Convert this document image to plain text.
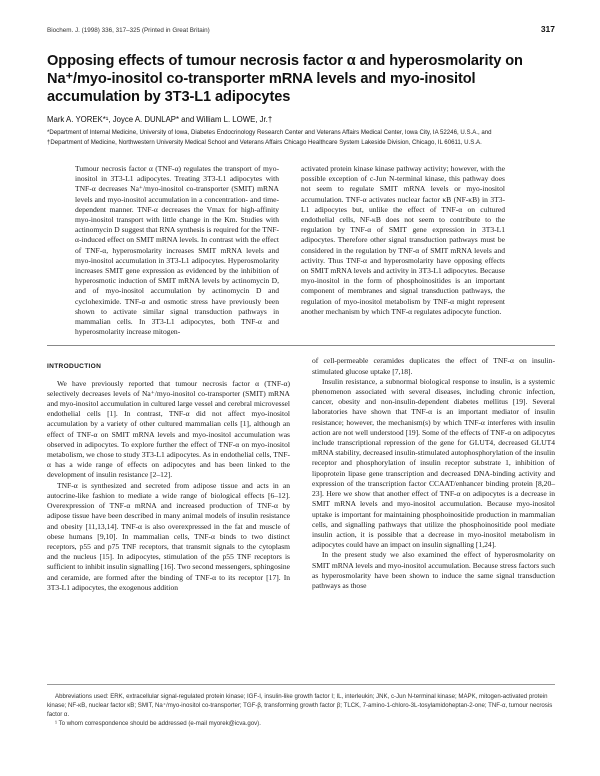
Biochem. J. (1998) 336, 317–325 (Printed in Great Britain)	317
Opposing effects of tumour necrosis factor α and hyperosmolarity on Na⁺/myo-inositol co-transporter mRNA levels and myo-inositol accumulation by 3T3-L1 adipocytes
Mark A. YOREK*¹, Joyce A. DUNLAP* and William L. LOWE, Jr.†
*Department of Internal Medicine, University of Iowa, Diabetes Endocrinology Research Center and Veterans Affairs Medical Center, Iowa City, IA 52246, U.S.A., and
†Department of Medicine, Northwestern University Medical School and Veterans Affairs Chicago Healthcare System Lakeside Division, Chicago, IL 60611, U.S.A.
Tumour necrosis factor α (TNF-α) regulates the transport of myo-inositol in 3T3-L1 adipocytes. Treating 3T3-L1 adipocytes with TNF-α decreases Na⁺/myo-inositol co-transporter (SMIT) mRNA levels and myo-inositol accumulation in a concentration- and time-dependent manner. TNF-α decreases the Vmax for high-affinity myo-inositol transport with little change in the Km. Studies with actinomycin D suggest that RNA synthesis is required for the TNF-α-induced effect on SMIT mRNA levels. In contrast with the effect of TNF-α, hyperosmolarity increases SMIT mRNA levels and myo-inositol accumulation in 3T3-L1 adipocytes. Hyperosmolarity increases SMIT gene expression as evidenced by the inhibition of hyperosmotic induction of SMIT mRNA levels by actinomycin D, and of myo-inositol accumulation by actinomycin D and cycloheximide. TNF-α and osmotic stress have previously been shown to activate similar signal transduction pathways in mammalian cells. In 3T3-L1 adipocytes, both TNF-α and hyperosmolarity increase mitogen-
activated protein kinase kinase pathway activity; however, with the possible exception of c-Jun N-terminal kinase, this pathway does not seem to regulate SMIT mRNA levels or myo-inositol accumulation. TNF-α activates nuclear factor κB (NF-κB) in 3T3-L1 adipocytes but, unlike the effect of TNF-α on cultured endothelial cells, NF-κB does not seem to contribute to the regulation by TNF-α of SMIT gene expression in 3T3-L1 adipocytes. Therefore other signal transduction pathways must be considered in the regulation by TNF-α of SMIT mRNA levels and activity. Thus TNF-α and hyperosmolarity have opposing effects on SMIT mRNA levels and activity in 3T3-L1 adipocytes. Because myo-inositol in the form of phosphoinositides is an important component of membranes and signal transduction pathways, the regulation of myo-inositol metabolism by TNF-α might represent another mechanism by which TNF-α regulates adipocyte function.
INTRODUCTION

We have previously reported that tumour necrosis factor α (TNF-α) selectively decreases levels of Na⁺/myo-inositol co-transporter (SMIT) mRNA and myo-inositol accumulation in cultured large vessel and cerebral microvessel endothelial cells [1]. In contrast, TNF-α did not affect myo-inositol accumulation by a variety of other cultured mammalian cells [1], although an effect of TNF-α on SMIT mRNA levels and myo-inositol accumulation was observed in adipocytes. To explore further the effect of TNF-α on myo-inositol metabolism, we chose to study 3T3-L1 adipocytes. As in endothelial cells, TNF-α has a wide range of effects on adipocytes and has been linked to the development of insulin resistance [2–12].

TNF-α is synthesized and secreted from adipose tissue and acts in an autocrine-like fashion to mediate a wide range of biological effects [6–12]. Overexpression of TNF-α mRNA and increased production of TNF-α by adipose tissue have been described in many animal models of insulin resistance and obesity [11,13,14]. TNF-α is also overexpressed in the fat and muscle of obese humans [9,10]. In mammalian cells, TNF-α binds to two distinct receptors, p55 and p75 TNF receptors, that transmit signals to the cytoplasm and the nucleus [15]. In adipocytes, stimulation of the p55 TNF receptors is sufficient to inhibit insulin signalling [16]. Two second messengers, sphingosine and ceramide, are formed after the binding of TNF-α to its receptor [17]. In 3T3-L1 adipocytes, the exogenous addition

of cell-permeable ceramides duplicates the effect of TNF-α on insulin-stimulated glucose uptake [7,18].

Insulin resistance, a subnormal biological response to insulin, is a systemic phenomenon associated with several diseases, including chronic infection, cancer, obesity and non-insulin-dependent diabetes mellitus [19]. Several laboratories have shown that TNF-α is an important mediator of insulin resistance; however, the mechanism(s) by which TNF-α interferes with insulin action are not well understood [19]. Some of the effects of TNF-α on adipocytes include transcriptional repression of the gene for GLUT4, decreased GLUT4 mRNA stability, decreased insulin-stimulated autophosphorylation of the insulin receptor and phosphorylation of insulin receptor substrate 1, inhibition of lipoprotein lipase gene transcription and decreased DNA-binding activity and expression of the transcription factor CCAAT/enhancer binding protein [8,20–23]. Here we show that another effect of TNF-α on adipocytes is a decrease in SMIT mRNA levels and myo-inositol accumulation. Because myo-inositol uptake is important for maintaining phosphoinositide production in mammalian cells, and signalling pathways that utilize the phosphoinositide pool mediate insulin action, it is possible that a decrease in myo-inositol metabolism in adipocytes could have an impact on insulin signalling [1,24].

In the present study we also examined the effect of hyperosmolarity on SMIT mRNA levels and myo-inositol accumulation. Because stress factors such as hyperosmolarity have been shown to induce the same signal transduction pathways as those

Abbreviations used: ERK, extracellular signal-regulated protein kinase; IGF-I, insulin-like growth factor I; IL, interleukin; JNK, c-Jun N-terminal kinase; MAPK, mitogen-activated protein kinase; NF-κB, nuclear factor κB; SMIT, Na⁺/myo-inositol co-transporter; TGF-β, transforming growth factor β; TLCK, 7-amino-1-chloro-3L-tosylamidoheptan-2-one; TNF-α, tumour necrosis factor α.

¹ To whom correspondence should be addressed (e-mail myorek@icva.gov).
